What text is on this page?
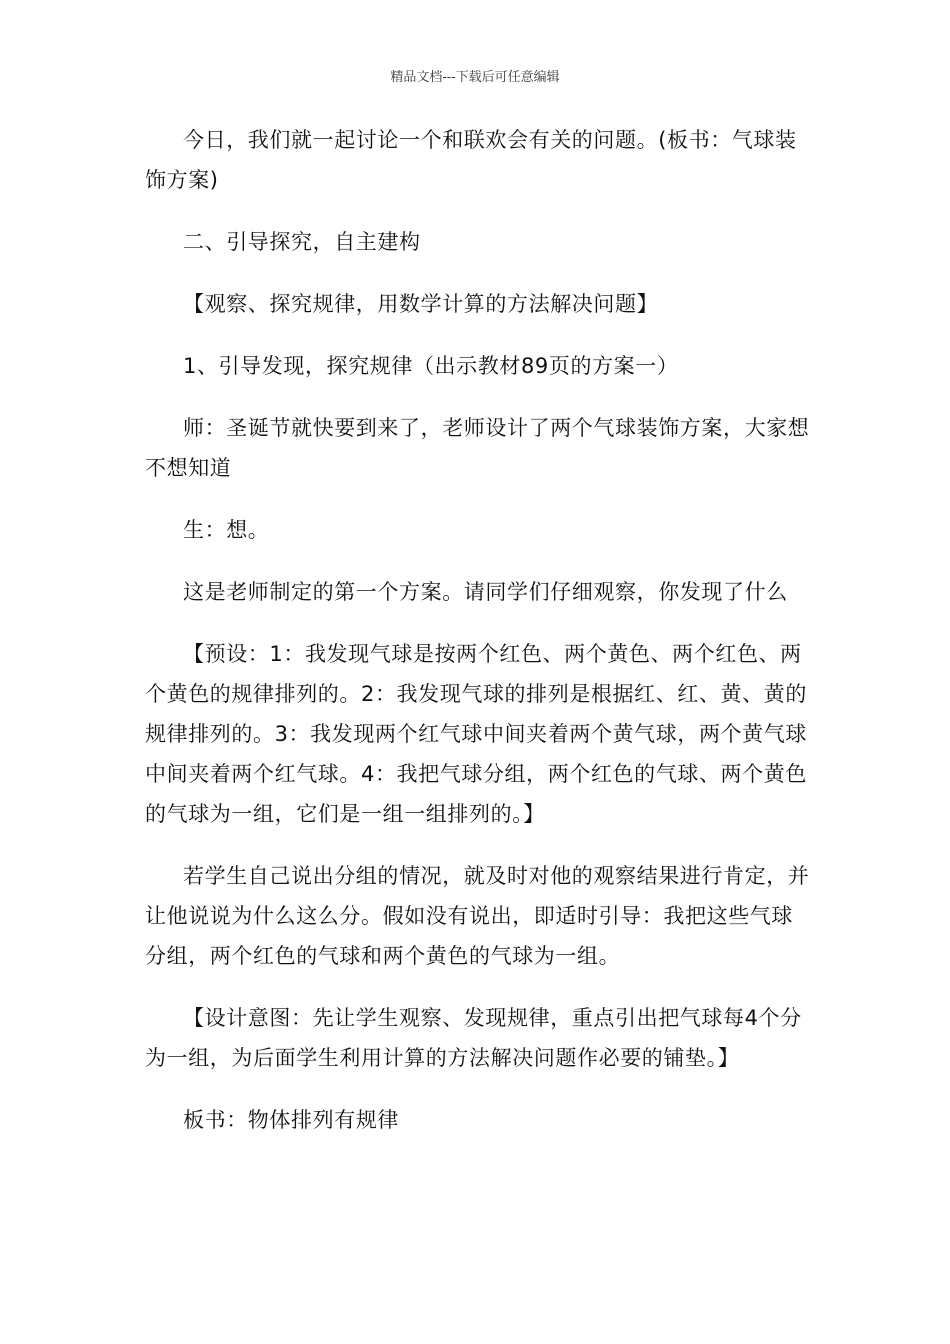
精品文档---下载后可任意编辑

今日，我们就一起讨论一个和联欢会有关的问题。(板书：气球装饰方案)

二、引导探究，自主建构

【观察、探究规律，用数学计算的方法解决问题】

1、引导发现，探究规律（出示教材89页的方案一）

师：圣诞节就快要到来了，老师设计了两个气球装饰方案，大家想不想知道

生：想。

这是老师制定的第一个方案。请同学们仔细观察，你发现了什么

【预设：1：我发现气球是按两个红色、两个黄色、两个红色、两个黄色的规律排列的。2：我发现气球的排列是根据红、红、黄、黄的规律排列的。3：我发现两个红气球中间夹着两个黄气球，两个黄气球中间夹着两个红气球。4：我把气球分组，两个红色的气球、两个黄色的气球为一组，它们是一组一组排列的。】

若学生自己说出分组的情况，就及时对他的观察结果进行肯定，并让他说说为什么这么分。假如没有说出，即适时引导：我把这些气球分组，两个红色的气球和两个黄色的气球为一组。

【设计意图：先让学生观察、发现规律，重点引出把气球每4个分为一组，为后面学生利用计算的方法解决问题作必要的铺垫。】

板书：物体排列有规律
